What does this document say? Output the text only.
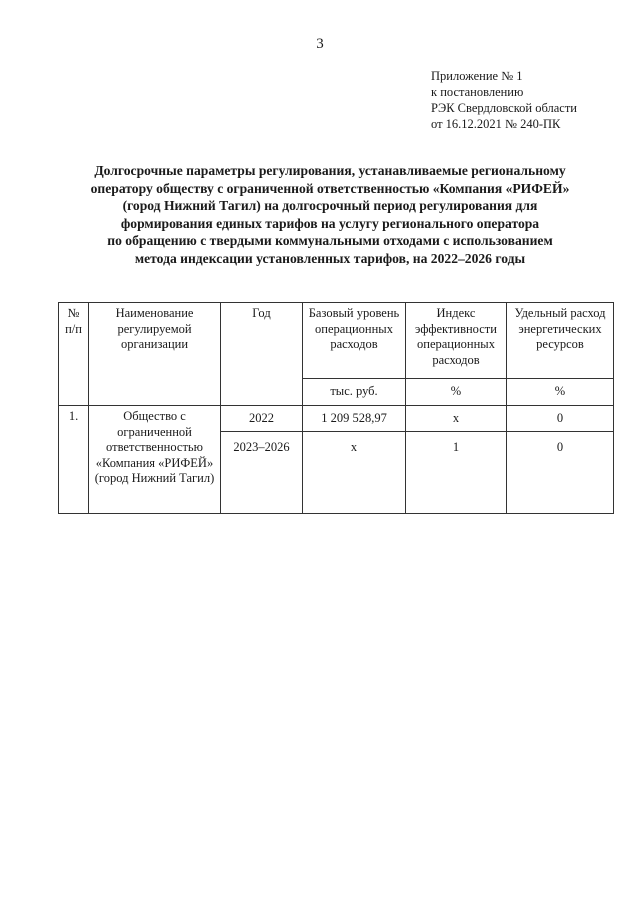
3
Приложение № 1
к постановлению
РЭК Свердловской области
от 16.12.2021 № 240-ПК
Долгосрочные параметры регулирования, устанавливаемые региональному
оператору обществу с ограниченной ответственностью «Компания «РИФЕЙ»
(город Нижний Тагил) на долгосрочный период регулирования для
формирования единых тарифов на услугу регионального оператора
по обращению с твердыми коммунальными отходами с использованием
метода индексации установленных тарифов, на 2022–2026 годы
№ п/п	Наименование регулируемой организации	Год	Базовый уровень операционных расходов	Индекс эффективности операционных расходов	Удельный расход энергетических ресурсов
			тыс. руб.	%	%
1.	Общество с ограниченной ответственностью «Компания «РИФЕЙ» (город Нижний Тагил)	2022	1 209 528,97	х	0
		2023–2026	х	1	0
